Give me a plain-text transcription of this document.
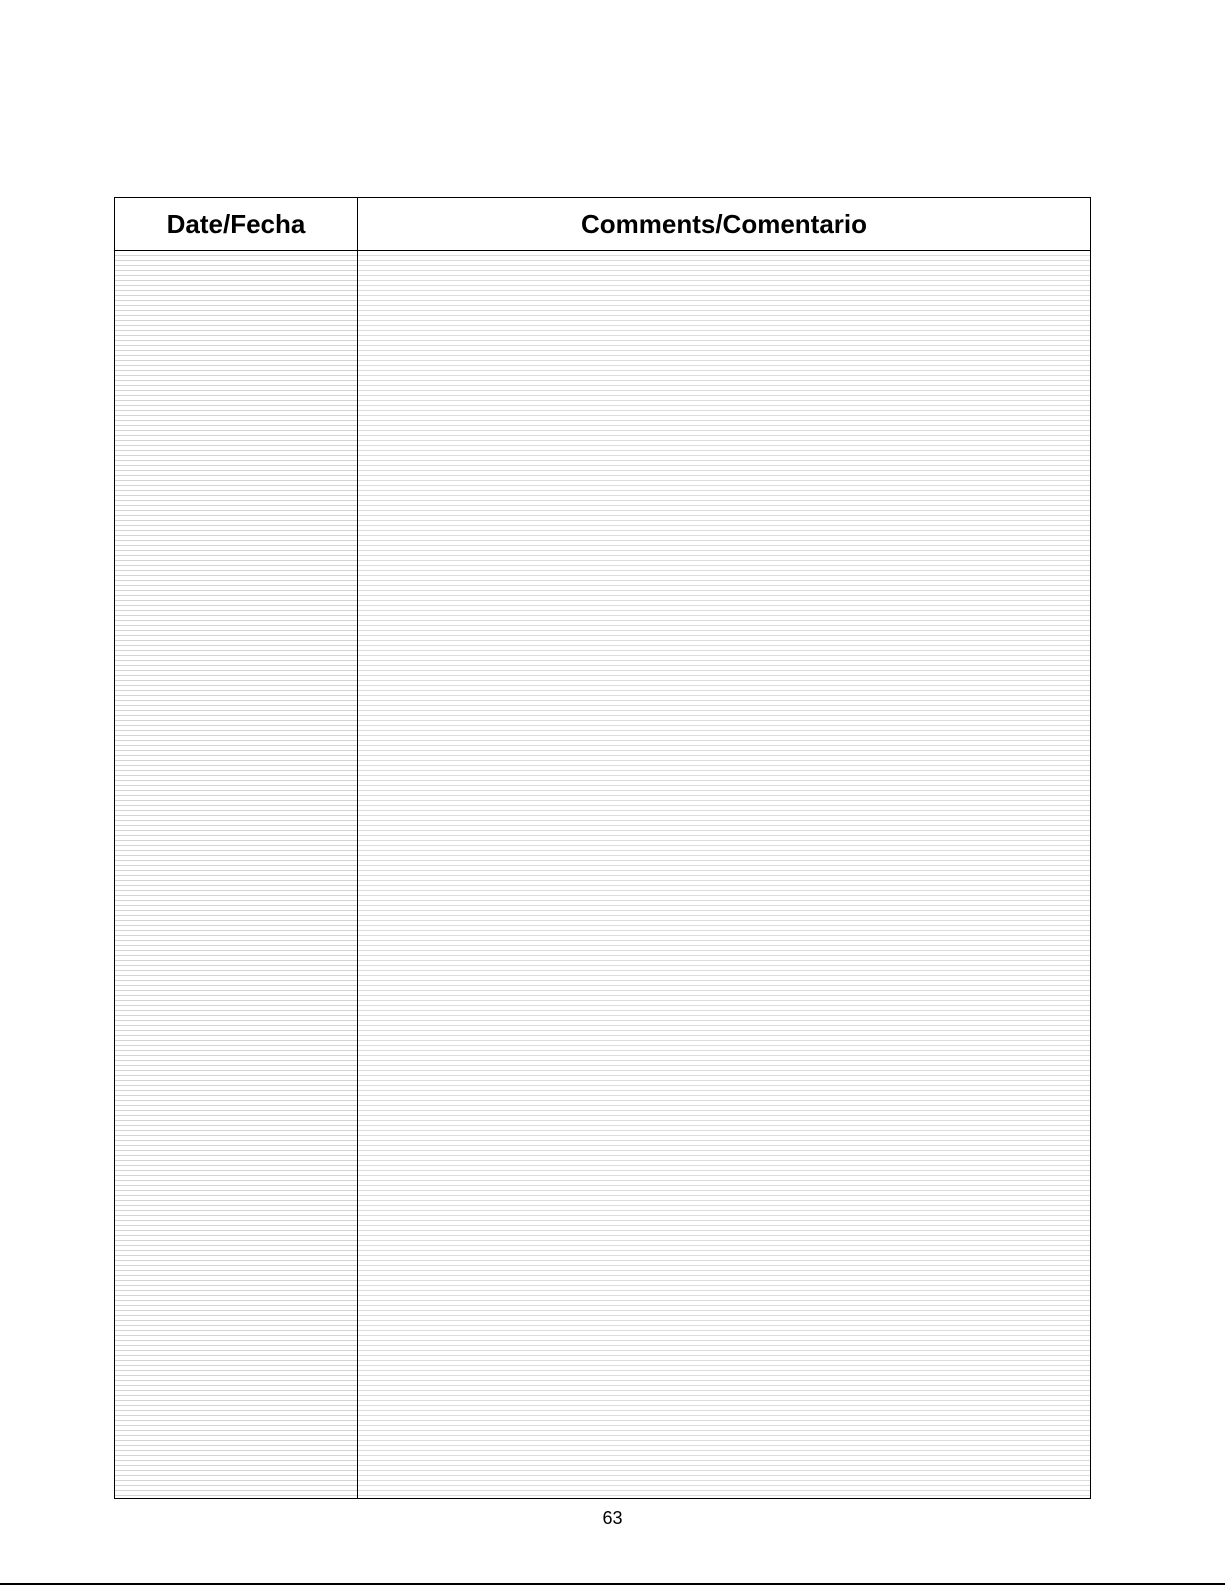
Date/Fecha	Comments/Comentario
63
